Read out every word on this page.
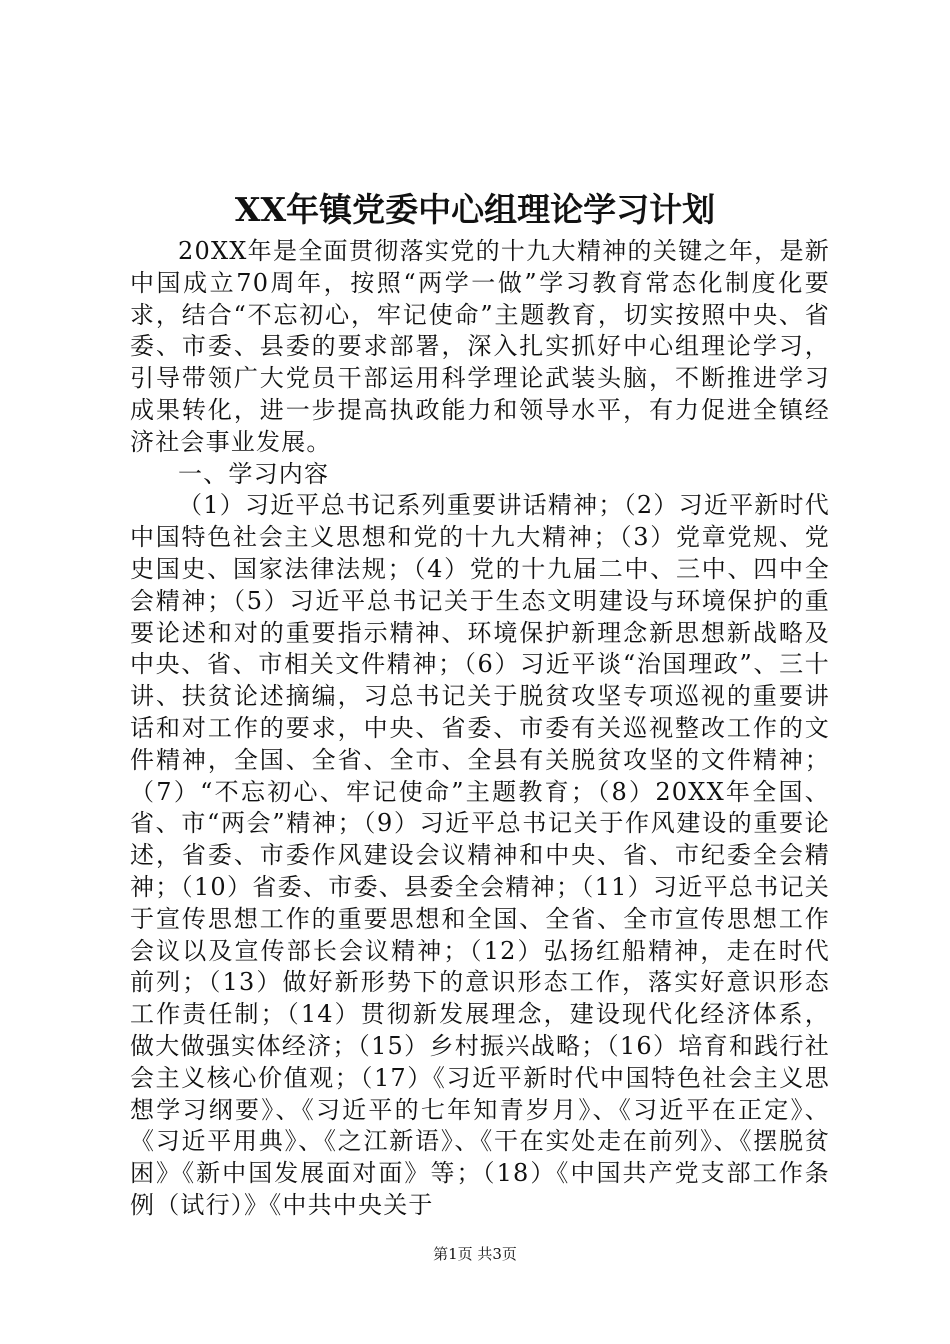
XX年镇党委中心组理论学习计划

20XX年是全面贯彻落实党的十九大精神的关键之年，是新中国成立70周年，按照“两学一做”学习教育常态化制度化要求，结合“不忘初心，牢记使命”主题教育，切实按照中央、省委、市委、县委的要求部署，深入扎实抓好中心组理论学习，引导带领广大党员干部运用科学理论武装头脑，不断推进学习成果转化，进一步提高执政能力和领导水平，有力促进全镇经济社会事业发展。

一、学习内容

（1）习近平总书记系列重要讲话精神；（2）习近平新时代中国特色社会主义思想和党的十九大精神；（3）党章党规、党史国史、国家法律法规；（4）党的十九届二中、三中、四中全会精神；（5）习近平总书记关于生态文明建设与环境保护的重要论述和对的重要指示精神、环境保护新理念新思想新战略及中央、省、市相关文件精神；（6）习近平谈“治国理政”、三十讲、扶贫论述摘编，习总书记关于脱贫攻坚专项巡视的重要讲话和对工作的要求，中央、省委、市委有关巡视整改工作的文件精神，全国、全省、全市、全县有关脱贫攻坚的文件精神；（7）“不忘初心、牢记使命”主题教育；（8）20XX年全国、省、市“两会”精神；（9）习近平总书记关于作风建设的重要论述，省委、市委作风建设会议精神和中央、省、市纪委全会精神；（10）省委、市委、县委全会精神；（11）习近平总书记关于宣传思想工作的重要思想和全国、全省、全市宣传思想工作会议以及宣传部长会议精神；（12）弘扬红船精神，走在时代前列；（13）做好新形势下的意识形态工作，落实好意识形态工作责任制；（14）贯彻新发展理念，建设现代化经济体系，做大做强实体经济；（15）乡村振兴战略；（16）培育和践行社会主义核心价值观；（17）《习近平新时代中国特色社会主义思想学习纲要》、《习近平的七年知青岁月》、《习近平在正定》、《习近平用典》、《之江新语》、《干在实处走在前列》、《摆脱贫困》《新中国发展面对面》等；（18）《中国共产党支部工作条例（试行）》《中共中央关于

第1页 共3页
